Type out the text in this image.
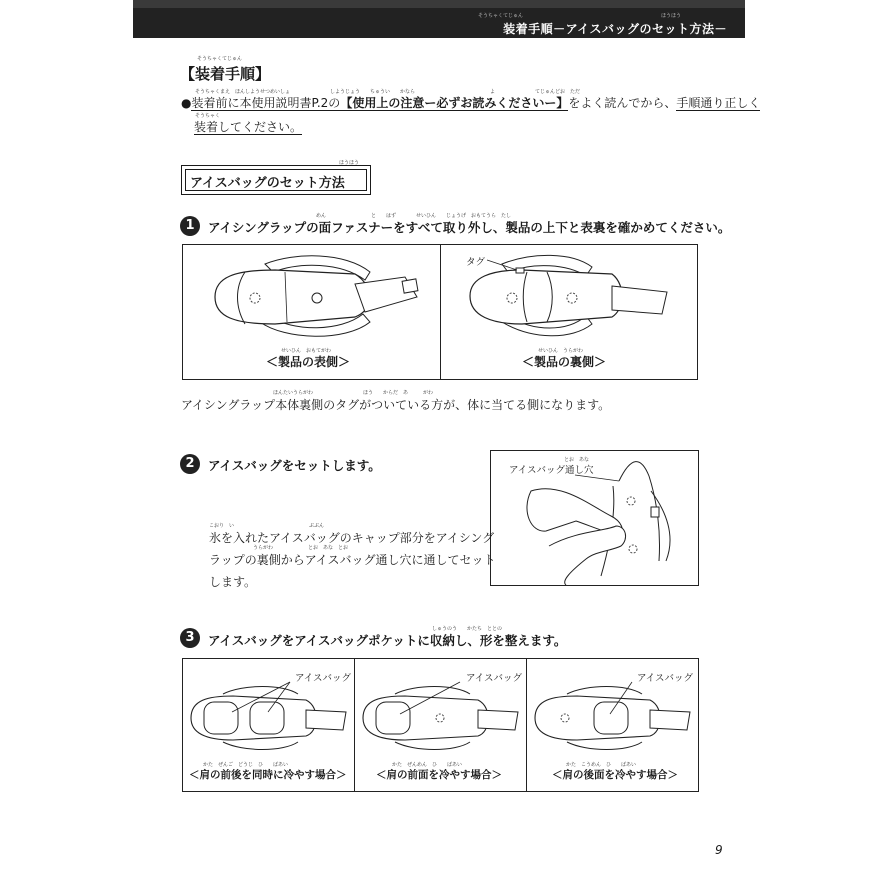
そうちゃくてじゅん	ほうほう
装着手順－アイスバッグのセット方法－
そうちゃくてじゅん
【装着手順】
そうちゃくまえ　ほんしようせつめいしょ　　　　　　　　しようじょう　　ちゅうい　　かなら　　　　　　　　　　　　　　　よ　　　　　　　　てじゅんどお　ただ
●装着前に本使用説明書P.2の【使用上の注意ー必ずお読みくださいー】をよく読んでから、手順通り正しく
そうちゃく
装着してください。
ほうほう
アイスバッグのセット方法
1
めん　　　　　　　　　と　　はず　　　　せいひん　　じょうげ　おもてうら　たし
アイシングラップの面ファスナーをすべて取り外し、製品の上下と表裏を確かめてください。
タグ
せいひん　おもてがわ
＜製品の表側＞
せいひん　うらがわ
＜製品の裏側＞
ほんたいうらがわ　　　　　　　　　　ほう　　からだ　あ　　　がわ
アイシングラップ本体裏側のタグがついている方が、体に当てる側になります。
2	アイスバッグをセットします。	とお　あな
アイスバッグ通し穴
こおり　い　　　　　　　　　　　　　　　ぶぶん
氷を入れたアイスバッグのキャップ部分をアイシング
うらがわ　　　　　　　とお　あな　とお
ラップの裏側からアイスバッグ通し穴に通してセット
します。
3
しゅうのう　　かたち　ととの
アイスバッグをアイスバッグポケットに収納し、形を整えます。
アイスバッグ
かた　ぜんご　どうじ　ひ　　ばあい
＜肩の前後を同時に冷やす場合＞
アイスバッグ
かた　ぜんめん　ひ　　ばあい
＜肩の前面を冷やす場合＞
アイスバッグ
かた　こうめん　ひ　　ばあい
＜肩の後面を冷やす場合＞
9
